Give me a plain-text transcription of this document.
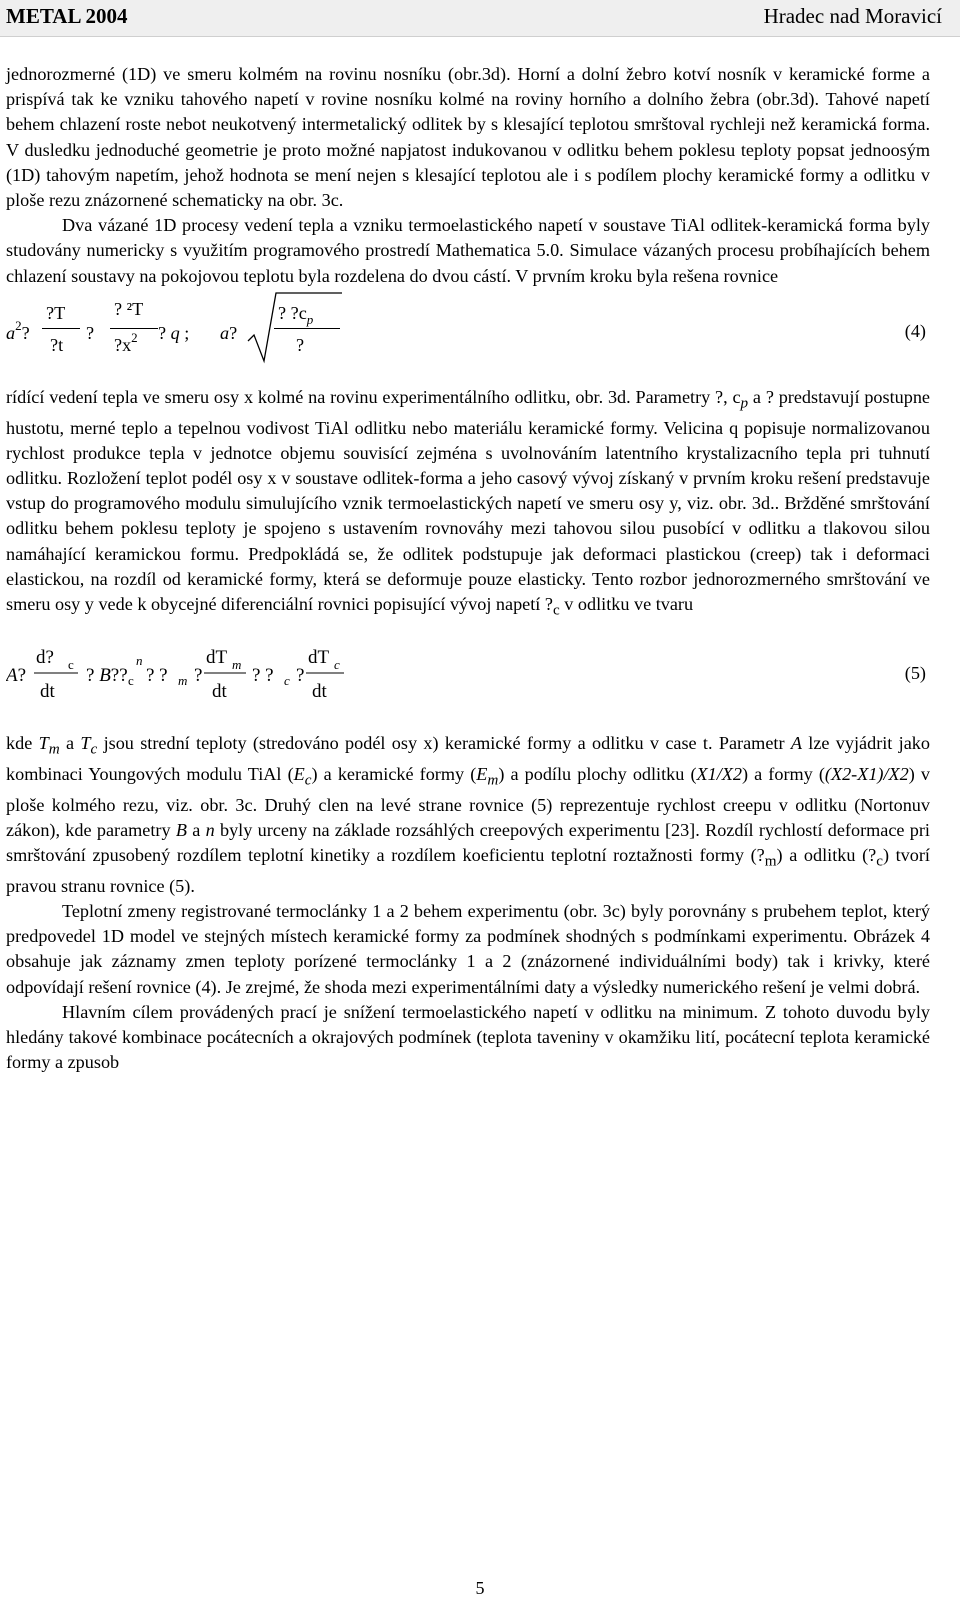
METAL 2004	Hradec nad Moravicí

jednorozmerné (1D) ve smeru kolmém na rovinu nosníku (obr.3d). Horní a dolní žebro kotví nosník v keramické forme a prispívá tak ke vzniku tahového napetí v rovine nosníku kolmé na roviny horního a dolního žebra (obr.3d). Tahové napetí behem chlazení roste nebot neukotvený intermetalický odlitek by s klesající teplotou smrštoval rychleji než keramická forma. V dusledku jednoduché geometrie je proto možné napjatost indukovanou v odlitku behem poklesu teploty popsat jednoosým (1D) tahovým napetím, jehož hodnota se mení nejen s klesající teplotou ale i s podílem plochy keramické formy a odlitku v ploše rezu znázornené schematicky na obr. 3c.

Dva vázané 1D procesy vedení tepla a vzniku termoelastického napetí v soustave TiAl odlitek-keramická forma byly studovány numericky s využitím programového prostredí Mathematica 5.0. Simulace vázaných procesu probíhajících behem chlazení soustavy na pokojovou teplotu byla rozdelena do dvou cástí. V prvním kroku byla rešena rovnice

$a^2$?
?T
?t
?
? ²T
$?x^2$ ? q ; a?
? $?c_p$
?
(4)

rídící vedení tepla ve smeru osy x kolmé na rovinu experimentálního odlitku, obr. 3d. Parametry ?, $c_p$ a ? predstavují postupne hustotu, merné teplo a tepelnou vodivost TiAl odlitku nebo materiálu keramické formy. Velicina q popisuje normalizovanou rychlost produkce tepla v jednotce objemu souvisící zejména s uvolnováním latentního krystalizacního tepla pri tuhnutí odlitku. Rozložení teplot podél osy x v soustave odlitek-forma a jeho casový vývoj získaný v prvním kroku rešení predstavuje vstup do programového modulu simulujícího vznik termoelastických napetí ve smeru osy y, viz. obr. 3d.. Bržděné smrštování odlitku behem poklesu teploty je spojeno s ustavením rovnováhy mezi tahovou silou pusobící v odlitku a tlakovou silou namáhající keramickou formu. Predpokládá se, že odlitek podstupuje jak deformaci plastickou (creep) tak i deformaci elastickou, na rozdíl od keramické formy, která se deformuje pouze elasticky. Tento rozbor jednorozmerného smrštování ve smeru osy y vede k obycejné diferenciální rovnici popisující vývoj napetí $?_c$ v odlitku ve tvaru

A?
d? c
dt
? B?? c
n
? ? m ?
dT m
dt
? ? c ?
dT c
dt
(5)

kde $T_m$ a $T_c$ jsou strední teploty (stredováno podél osy x) keramické formy a odlitku v case t. Parametr A lze vyjádrit jako kombinaci Youngových modulu TiAl $(E_c)$ a keramické formy $(E_m)$ a podílu plochy odlitku (X1/X2) a formy ((X2-X1)/X2) v ploše kolmého rezu, viz. obr. 3c. Druhý clen na levé strane rovnice (5) reprezentuje rychlost creepu v odlitku (Nortonuv zákon), kde parametry B a n byly urceny na základe rozsáhlých creepových experimentu [23]. Rozdíl rychlostí deformace pri smrštování zpusobený rozdílem teplotní kinetiky a rozdílem koeficientu teplotní roztažnosti formy $(?_m)$ a odlitku $(?_c)$ tvorí pravou stranu rovnice (5).

Teplotní zmeny registrované termoclánky 1 a 2 behem experimentu (obr. 3c) byly porovnány s prubehem teplot, který predpovedel 1D model ve stejných místech keramické formy za podmínek shodných s podmínkami experimentu. Obrázek 4 obsahuje jak záznamy zmen teploty porízené termoclánky 1 a 2 (znázornené individuálními body) tak i krivky, které odpovídají rešení rovnice (4). Je zrejmé, že shoda mezi experimentálními daty a výsledky numerického rešení je velmi dobrá.

Hlavním cílem provádených prací je snížení termoelastického napetí v odlitku na minimum. Z tohoto duvodu byly hledány takové kombinace pocátecních a okrajových podmínek (teplota taveniny v okamžiku lití, pocátecní teplota keramické formy a zpusob

5
